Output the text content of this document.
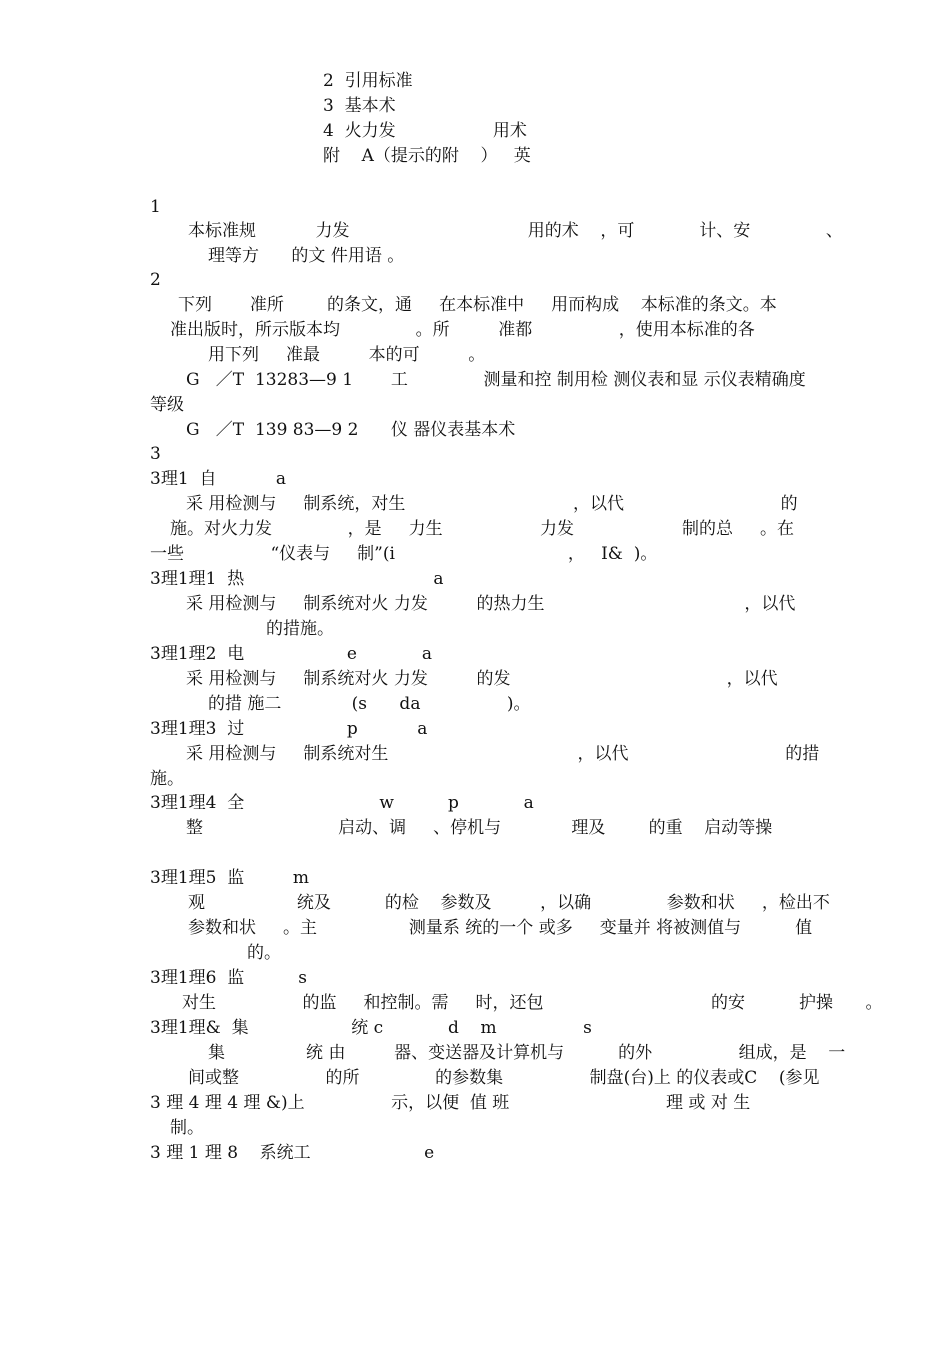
2  引用标准
3  基本术
4  火力发                  用术
附    A（提示的附    ）   英
1
本标准规           力发                                 用的术    ，可            计、安              、
理等方      的文 件用语 。
2
下列       准所        的条文，通     在本标准中     用而构成    本标准的条文。本
准出版时，所示版本均              。所         准都                ，使用本标准的各
用下列     准最         本的可         。
G   ／T  13283—9 1       工              测量和控 制用检 测仪表和显 示仪表精确度
等级
G   ／T  139 83—9 2      仪 器仪表基本术
3
3理1  自           a
采 用检测与     制系统，对生                               ，以代                             的
施。对火力发              ，是     力生                  力发                    制的总     。在
一些                “仪表与     制”(i                                ，   I&  )。
3理1理1  热                                   a
采 用检测与     制系统对火 力发         的热力生                                     ，以代
的措施。
3理1理2  电                   e            a
采 用检测与     制系统对火 力发         的发                                        ，以代
的措 施二             (s      da                )。
3理1理3  过                   p           a
采 用检测与     制系统对生                                   ，以代                             的措
施。
3理1理4  全                         w          p            a
整                         启动、调     、停机与             理及        的重    启动等操
3理1理5  监         m
观                 统及          的检    参数及         ，以确              参数和状     ，检出不
参数和状     。主                 测量系 统的一个 或多     变量并 将被测值与          值
的。
3理1理6  监          s
对生                的监     和控制。需     时，还包                               的安          护操      。
3理1理&  集                   统 c            d    m                s
集               统 由         器、变送器及计算机与          的外                组成，是    一
间或整                的所              的参数集                制盘(台)上 的仪表或C    (参见
3 理 4 理 4 理 &)上                示，以便  值 班                             理 或 对 生
制。
3 理 1 理 8    系统工                     e
